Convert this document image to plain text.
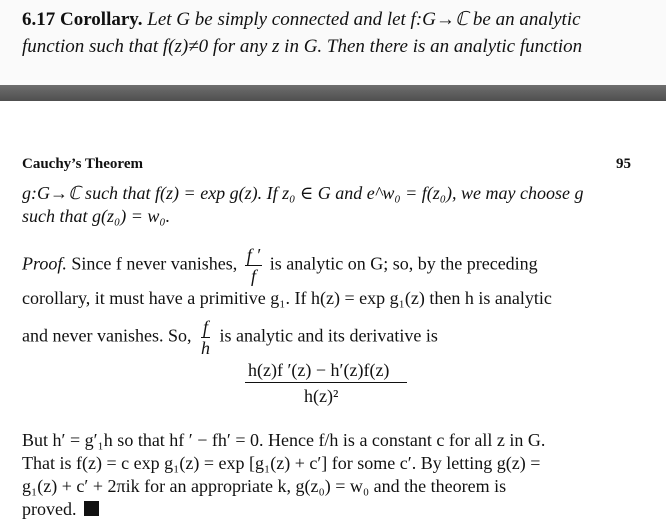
6.17 Corollary. Let G be simply connected and let f:G→ℂ be an analytic
function such that f(z)≠0 for any z in G. Then there is an analytic function
Cauchy’s Theorem	95
g:G→ℂ such that f(z) = exp g(z). If z₀ ∈ G and e^w₀ = f(z₀), we may choose g
such that g(z₀) = w₀.
Proof. Since f never vanishes, $\frac{f '}{f}$ is analytic on G; so, by the preceding
corollary, it must have a primitive g₁. If h(z) = exp g₁(z) then h is analytic
and never vanishes. So, $\frac{f}{h}$ is analytic and its derivative is
h(z)f ′(z) − h′(z)f(z)
h(z)²
But h′ = g′₁h so that hf ′ − fh′ = 0. Hence f/h is a constant c for all z in G.
That is f(z) = c exp g₁(z) = exp [g₁(z) + c′] for some c′. By letting g(z) =
g₁(z) + c′ + 2πik for an appropriate k, g(z₀) = w₀ and the theorem is
proved.
